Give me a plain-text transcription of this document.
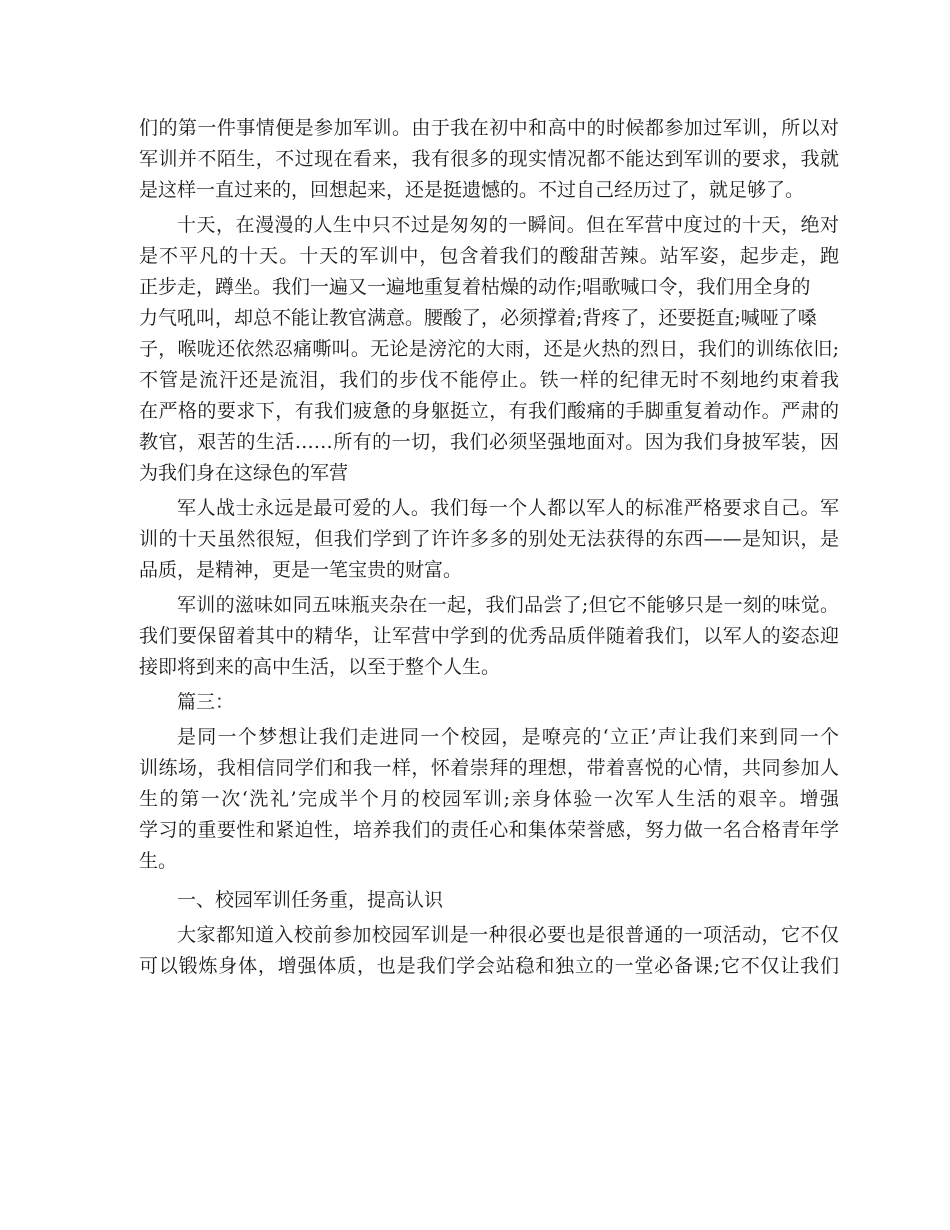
们的第一件事情便是参加军训。由于我在初中和高中的时候都参加过军训，所以对
军训并不陌生，不过现在看来，我有很多的现实情况都不能达到军训的要求，我就
是这样一直过来的，回想起来，还是挺遗憾的。不过自己经历过了，就足够了。
十天，在漫漫的人生中只不过是匆匆的一瞬间。但在军营中度过的十天，绝对
是不平凡的十天。十天的军训中，包含着我们的酸甜苦辣。站军姿，起步走，跑
正步走，蹲坐。我们一遍又一遍地重复着枯燥的动作;唱歌喊口令，我们用全身的
力气吼叫，却总不能让教官满意。腰酸了，必须撑着;背疼了，还要挺直;喊哑了嗓
子，喉咙还依然忍痛嘶叫。无论是滂沱的大雨，还是火热的烈日，我们的训练依旧;
不管是流汗还是流泪，我们的步伐不能停止。铁一样的纪律无时不刻地约束着我
在严格的要求下，有我们疲惫的身躯挺立，有我们酸痛的手脚重复着动作。严肃的
教官，艰苦的生活……所有的一切，我们必须坚强地面对。因为我们身披军装，因
为我们身在这绿色的军营
军人战士永远是最可爱的人。我们每一个人都以军人的标准严格要求自己。军
训的十天虽然很短，但我们学到了许许多多的别处无法获得的东西——是知识，是
品质，是精神，更是一笔宝贵的财富。
军训的滋味如同五味瓶夹杂在一起，我们品尝了;但它不能够只是一刻的味觉。
我们要保留着其中的精华，让军营中学到的优秀品质伴随着我们，以军人的姿态迎
接即将到来的高中生活，以至于整个人生。
篇三：
是同一个梦想让我们走进同一个校园，是嘹亮的‘立正’声让我们来到同一个
训练场，我相信同学们和我一样，怀着崇拜的理想，带着喜悦的心情，共同参加人
生的第一次‘洗礼’完成半个月的校园军训;亲身体验一次军人生活的艰辛。增强
学习的重要性和紧迫性，培养我们的责任心和集体荣誉感，努力做一名合格青年学
生。
一、校园军训任务重，提高认识
大家都知道入校前参加校园军训是一种很必要也是很普通的一项活动，它不仅
可以锻炼身体，增强体质，也是我们学会站稳和独立的一堂必备课;它不仅让我们
